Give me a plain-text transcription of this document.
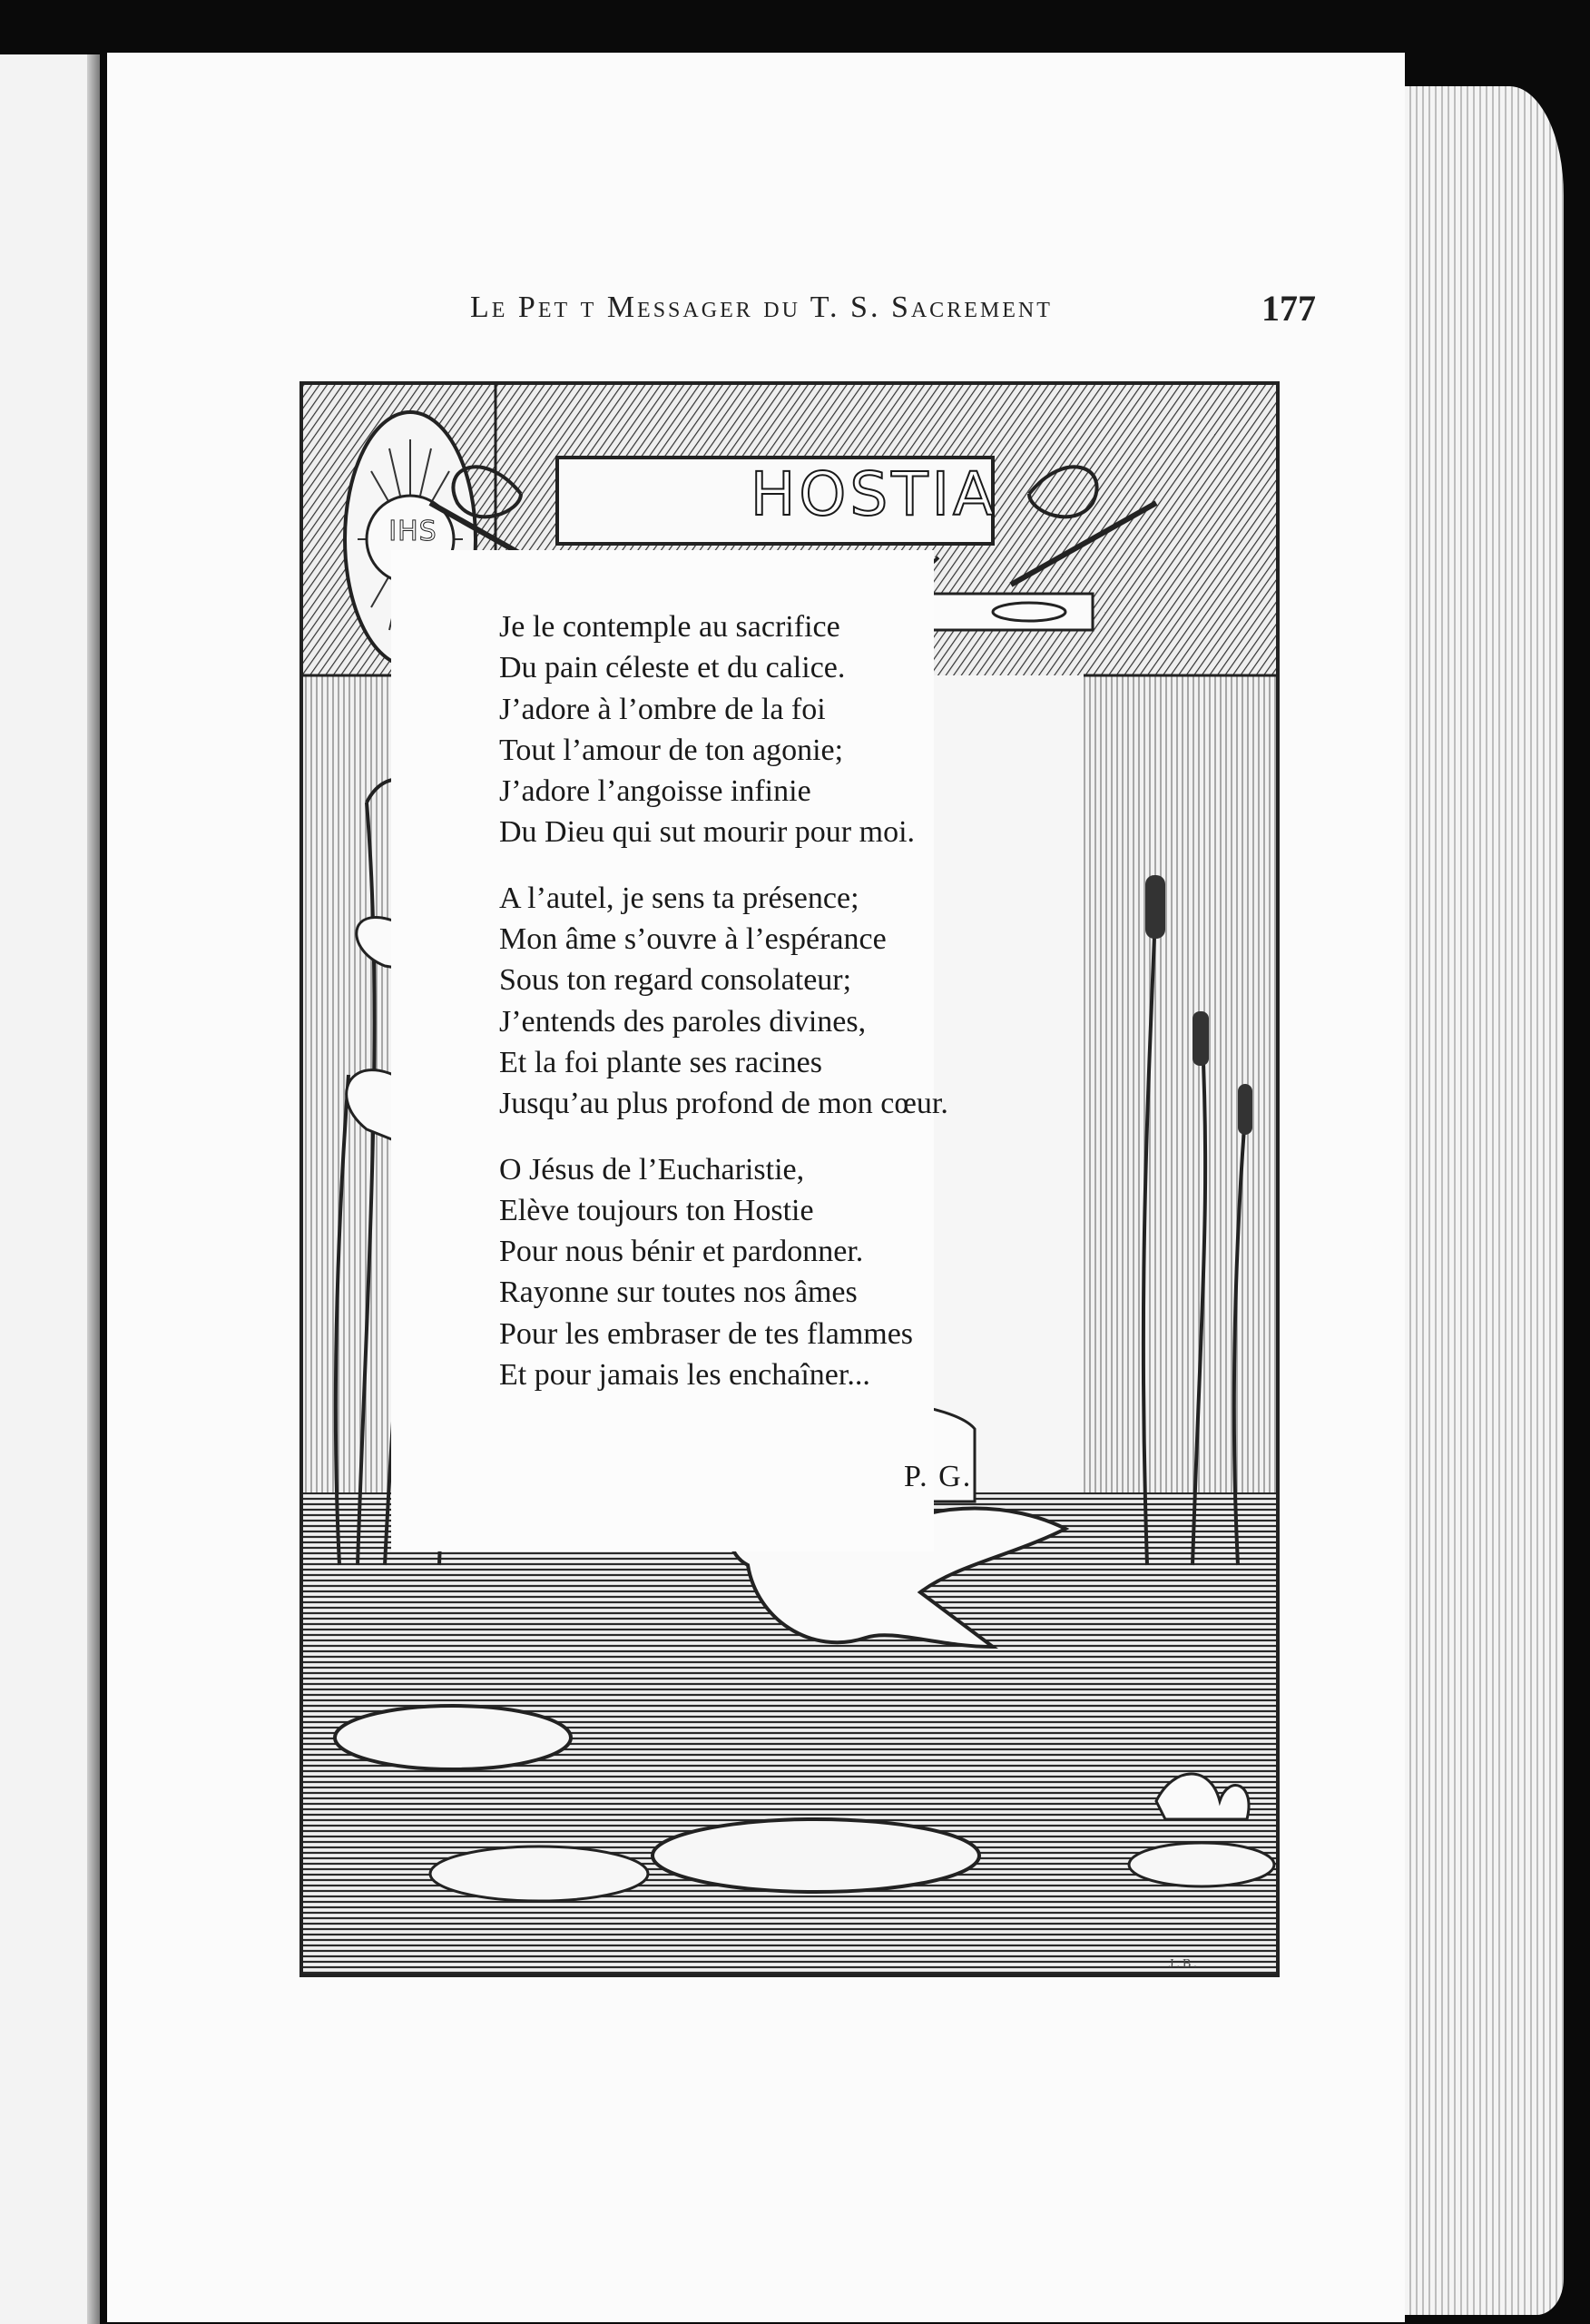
Le Pet t Messager du T. S. Sacrement	177
HOSTIA
IHS
J.B.
Je le contemple au sacrifice
Du pain céleste et du calice.
J’adore à l’ombre de la foi
Tout l’amour de ton agonie;
J’adore l’angoisse infinie
Du Dieu qui sut mourir pour moi.
A l’autel, je sens ta présence;
Mon âme s’ouvre à l’espérance
Sous ton regard consolateur;
J’entends des paroles divines,
Et la foi plante ses racines
Jusqu’au plus profond de mon cœur.
O Jésus de l’Eucharistie,
Elève toujours ton Hostie
Pour nous bénir et pardonner.
Rayonne sur toutes nos âmes
Pour les embraser de tes flammes
Et pour jamais les enchaîner...
P. G.
